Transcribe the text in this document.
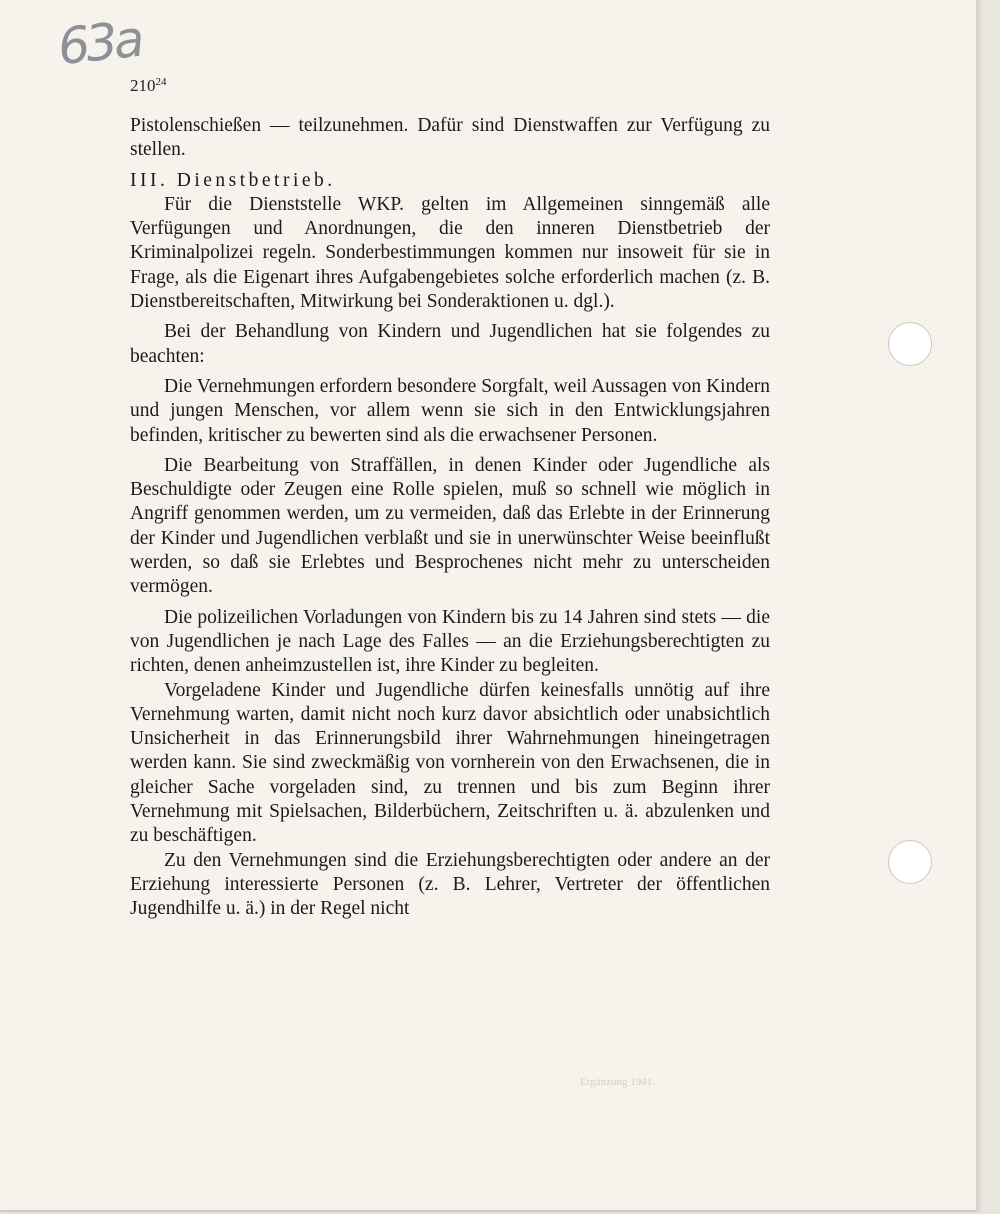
63a
$210^{24}$

Pistolenschießen — teilzunehmen. Dafür sind Dienstwaffen zur Verfügung zu stellen.

III. Dienstbetrieb.

Für die Dienststelle WKP. gelten im Allgemeinen sinngemäß alle Verfügungen und Anordnungen, die den inneren Dienstbetrieb der Kriminalpolizei regeln. Sonderbestimmungen kommen nur insoweit für sie in Frage, als die Eigenart ihres Aufgabengebietes solche erforderlich machen (z. B. Dienstbereitschaften, Mitwirkung bei Sonderaktionen u. dgl.).

Bei der Behandlung von Kindern und Jugendlichen hat sie folgendes zu beachten:

Die Vernehmungen erfordern besondere Sorgfalt, weil Aussagen von Kindern und jungen Menschen, vor allem wenn sie sich in den Entwicklungsjahren befinden, kritischer zu bewerten sind als die erwachsener Personen.

Die Bearbeitung von Straffällen, in denen Kinder oder Jugendliche als Beschuldigte oder Zeugen eine Rolle spielen, muß so schnell wie möglich in Angriff genommen werden, um zu vermeiden, daß das Erlebte in der Erinnerung der Kinder und Jugendlichen verblaßt und sie in unerwünschter Weise beeinflußt werden, so daß sie Erlebtes und Besprochenes nicht mehr zu unterscheiden vermögen.

Die polizeilichen Vorladungen von Kindern bis zu 14 Jahren sind stets — die von Jugendlichen je nach Lage des Falles — an die Erziehungsberechtigten zu richten, denen anheimzustellen ist, ihre Kinder zu begleiten.

Vorgeladene Kinder und Jugendliche dürfen keinesfalls unnötig auf ihre Vernehmung warten, damit nicht noch kurz davor absichtlich oder unabsichtlich Unsicherheit in das Erinnerungsbild ihrer Wahrnehmungen hineingetragen werden kann. Sie sind zweckmäßig von vornherein von den Erwachsenen, die in gleicher Sache vorgeladen sind, zu trennen und bis zum Beginn ihrer Vernehmung mit Spielsachen, Bilderbüchern, Zeitschriften u. ä. abzulenken und zu beschäftigen.

Zu den Vernehmungen sind die Erziehungsberechtigten oder andere an der Erziehung interessierte Personen (z. B. Lehrer, Vertreter der öffentlichen Jugendhilfe u. ä.) in der Regel nicht

Ergänzung 1941.
